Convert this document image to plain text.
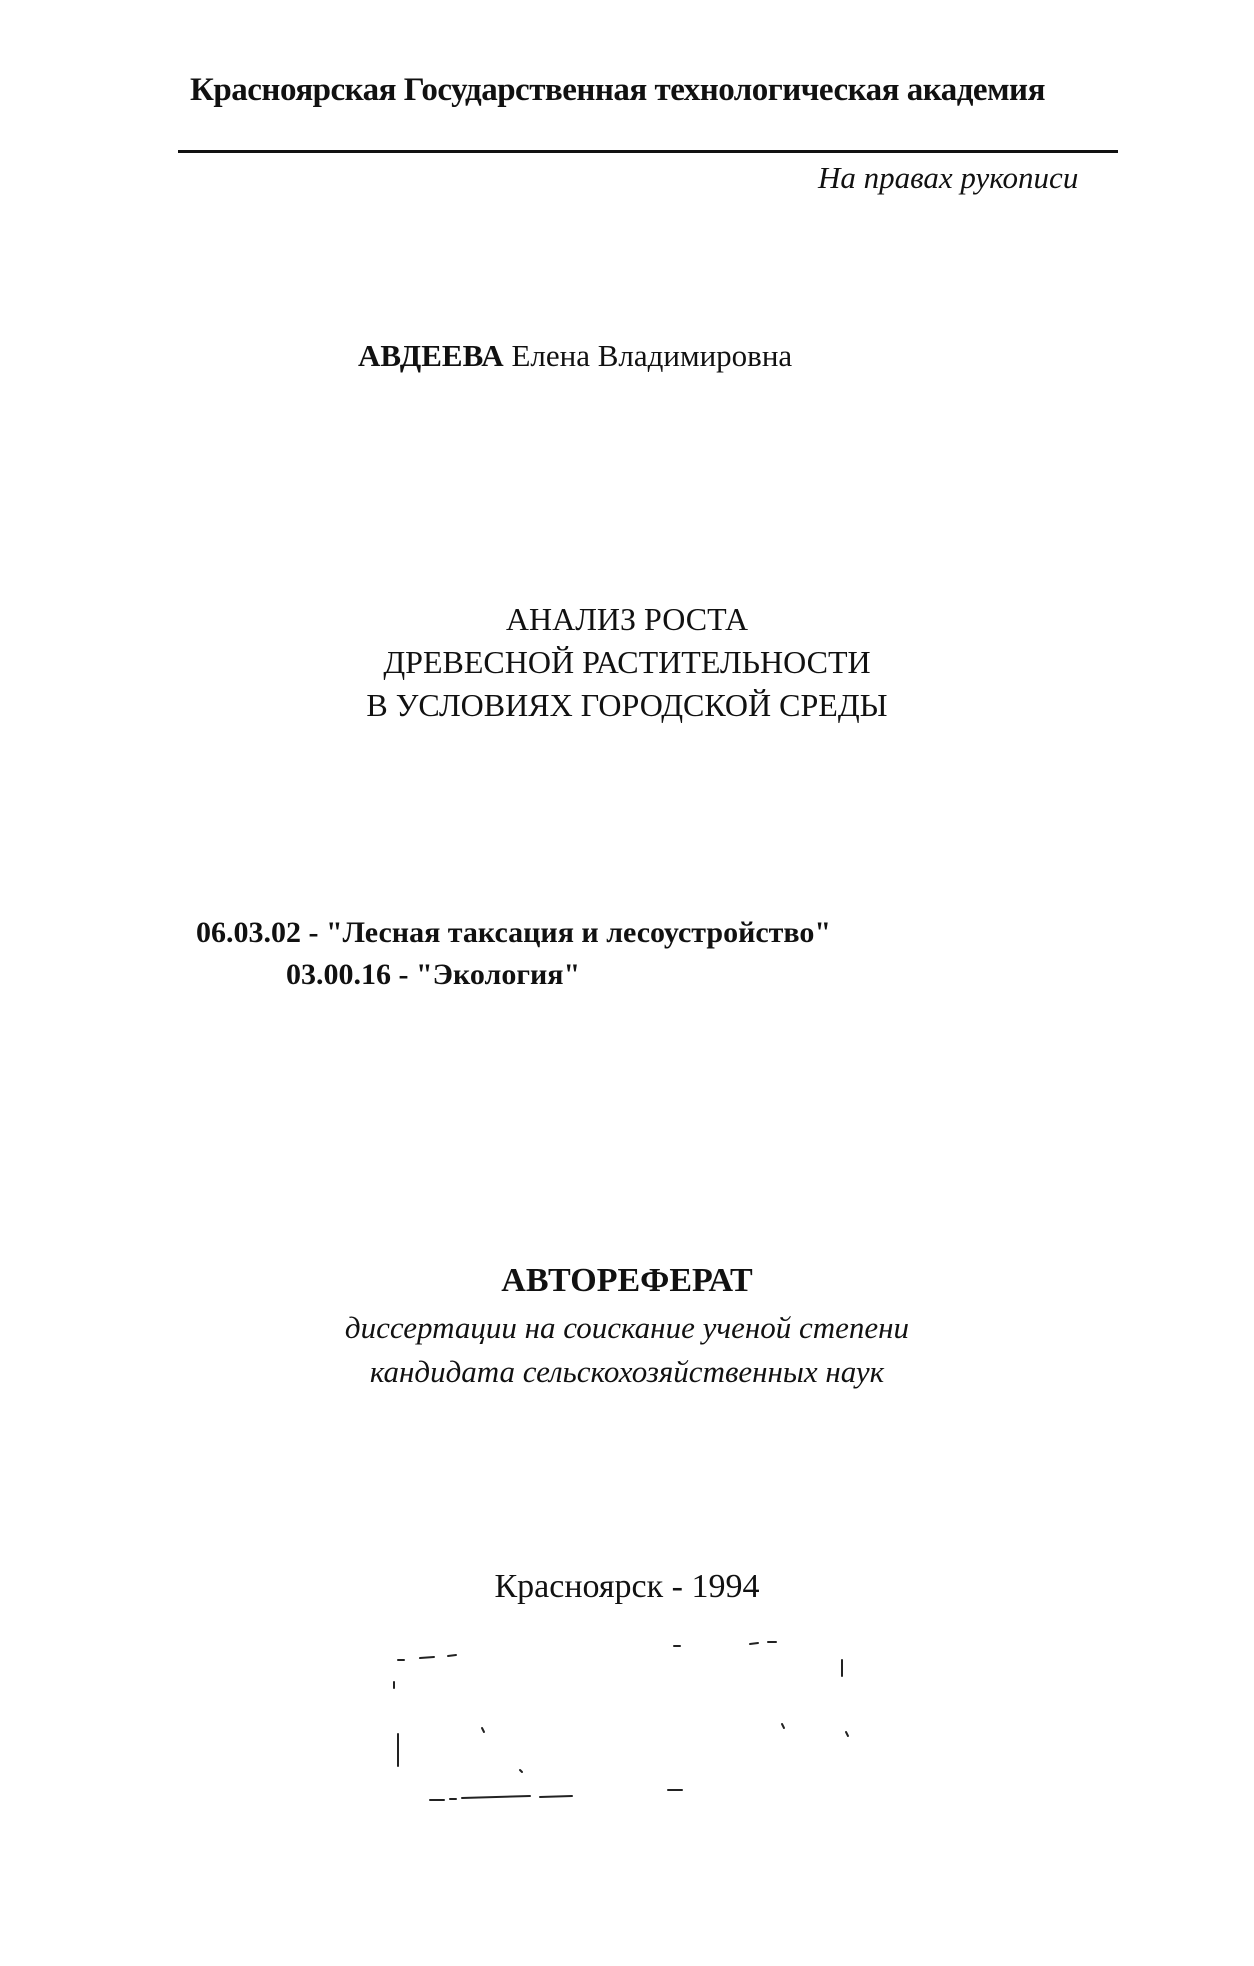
Красноярская Государственная технологическая академия
На правах рукописи
АВДЕЕВА Елена Владимировна
АНАЛИЗ РОСТА
ДРЕВЕСНОЙ РАСТИТЕЛЬНОСТИ
В УСЛОВИЯХ ГОРОДСКОЙ СРЕДЫ
06.03.02 - "Лесная таксация и лесоустройство"
03.00.16 - "Экология"
АВТОРЕФЕРАТ
диссертации на соискание ученой степени
кандидата сельскохозяйственных наук
Красноярск - 1994
